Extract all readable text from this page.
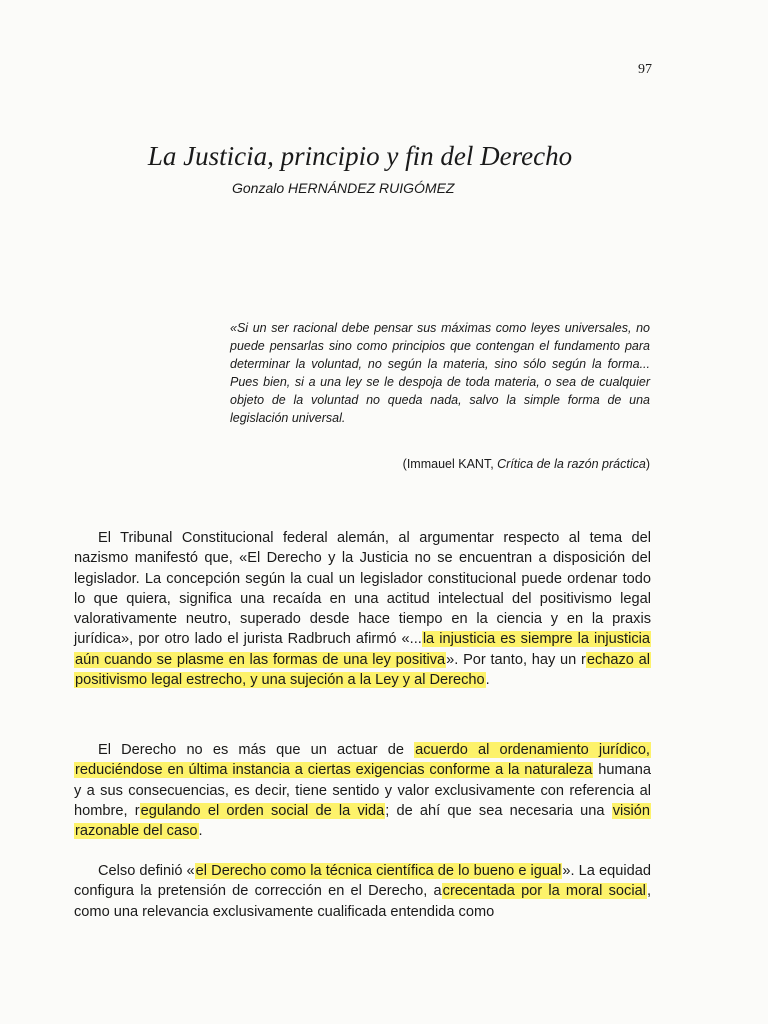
97
La Justicia, principio y fin del Derecho
Gonzalo HERNÁNDEZ RUIGÓMEZ

«Si un ser racional debe pensar sus máximas como leyes universales, no puede pensarlas sino como principios que contengan el fundamento para determinar la voluntad, no según la materia, sino sólo según la forma... Pues bien, si a una ley se le despoja de toda materia, o sea de cualquier objeto de la voluntad no queda nada, salvo la simple forma de una legislación universal.

(Immauel KANT, Crítica de la razón práctica)

El Tribunal Constitucional federal alemán, al argumentar respecto al tema del nazismo manifestó que, «El Derecho y la Justicia no se encuentran a disposición del legislador. La concepción según la cual un legislador constitucional puede ordenar todo lo que quiera, significa una recaída en una actitud intelectual del positivismo legal valorativamente neutro, superado desde hace tiempo en la ciencia y en la praxis jurídica», por otro lado el jurista Radbruch afirmó «...la injusticia es siempre la injusticia aún cuando se plasme en las formas de una ley positiva». Por tanto, hay un rechazo al positivismo legal estrecho, y una sujeción a la Ley y al Derecho.

El Derecho no es más que un actuar de acuerdo al ordenamiento jurídico, reduciéndose en última instancia a ciertas exigencias conforme a la naturaleza humana y a sus consecuencias, es decir, tiene sentido y valor exclusivamente con referencia al hombre, regulando el orden social de la vida; de ahí que sea necesaria una visión razonable del caso.

Celso definió «el Derecho como la técnica científica de lo bueno e igual». La equidad configura la pretensión de corrección en el Derecho, acrecentada por la moral social, como una relevancia exclusivamente cualificada entendida como
